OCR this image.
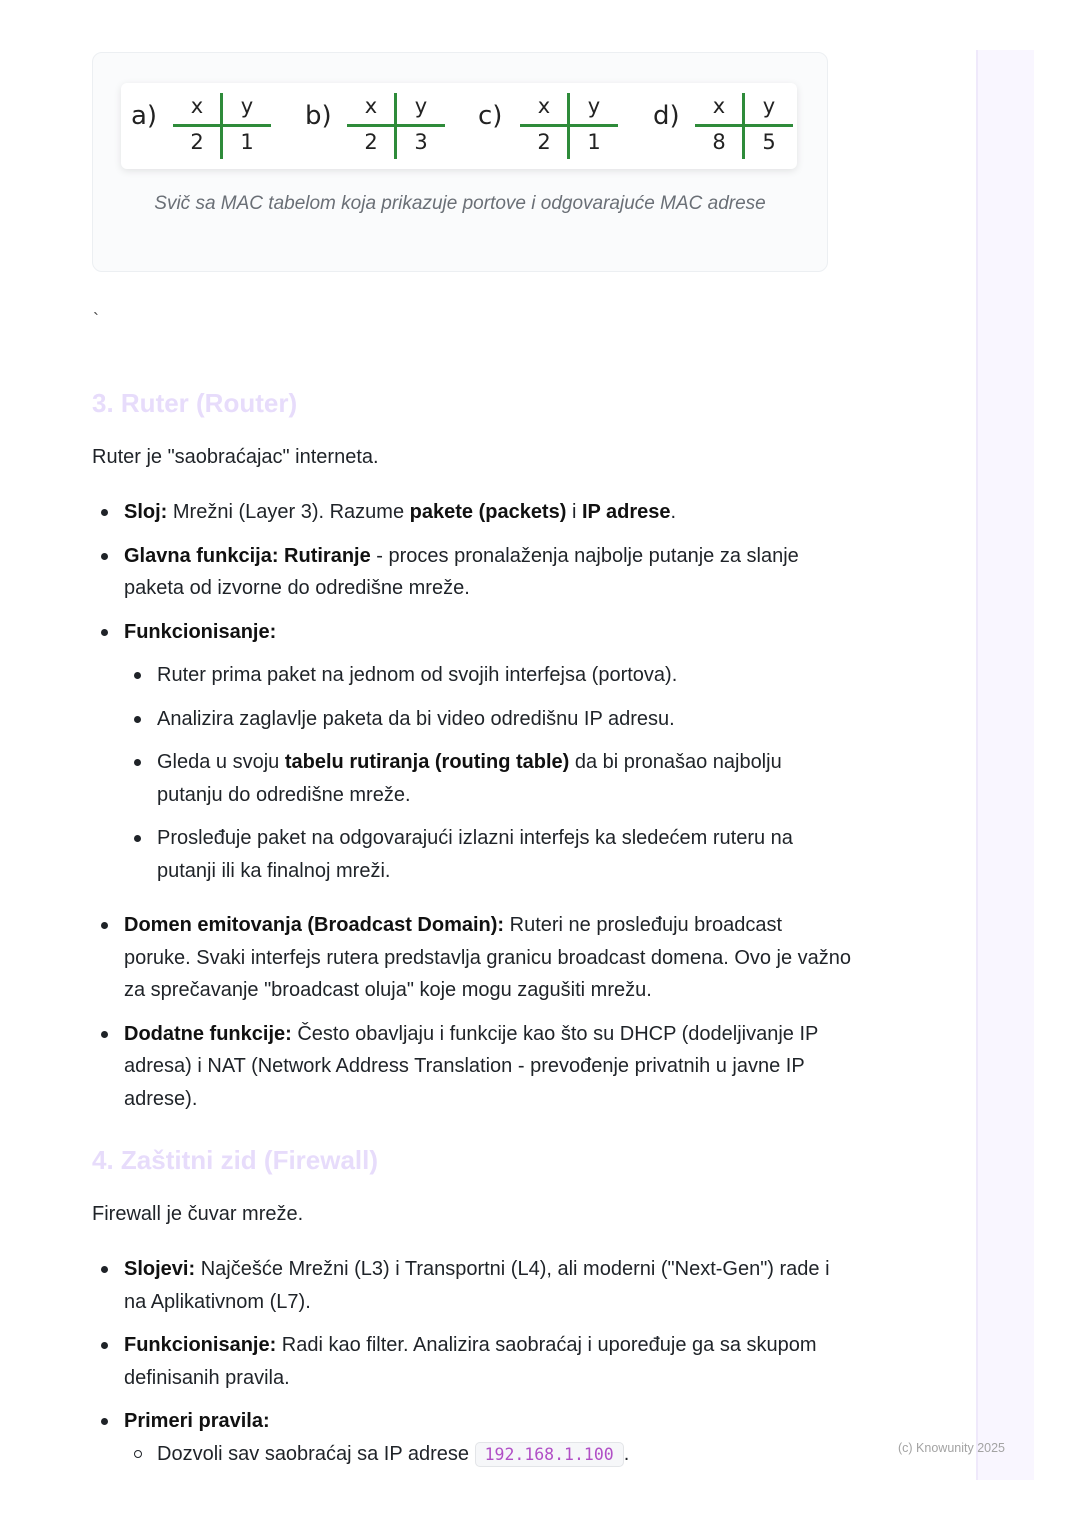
a)	x	y
2	1
b)	x	y
2	3
c)	x	y
2	1
d)	x	y
8	5
Svič sa MAC tabelom koja prikazuje portove i odgovarajuće MAC adrese
`
3. Ruter (Router)

Ruter je "saobraćajac" interneta.

Sloj: Mrežni (Layer 3). Razume pakete (packets) i IP adrese.
Glavna funkcija: Rutiranje - proces pronalaženja najbolje putanje za slanje paketa od izvorne do odredišne mreže.
Funkcionisanje:
Ruter prima paket na jednom od svojih interfejsa (portova).
Analizira zaglavlje paketa da bi video odredišnu IP adresu.
Gleda u svoju tabelu rutiranja (routing table) da bi pronašao najbolju putanju do odredišne mreže.
Prosleđuje paket na odgovarajući izlazni interfejs ka sledećem ruteru na putanji ili ka finalnoj mreži.
Domen emitovanja (Broadcast Domain): Ruteri ne prosleđuju broadcast poruke. Svaki interfejs rutera predstavlja granicu broadcast domena. Ovo je važno za sprečavanje "broadcast oluja" koje mogu zagušiti mrežu.
Dodatne funkcije: Često obavljaju i funkcije kao što su DHCP (dodeljivanje IP adresa) i NAT (Network Address Translation - prevođenje privatnih u javne IP adrese).
4. Zaštitni zid (Firewall)

Firewall je čuvar mreže.

Slojevi: Najčešće Mrežni (L3) i Transportni (L4), ali moderni ("Next-Gen") rade i na Aplikativnom (L7).
Funkcionisanje: Radi kao filter. Analizira saobraćaj i upoređuje ga sa skupom definisanih pravila.
Primeri pravila:
Dozvoli sav saobraćaj sa IP adrese 192.168.1.100 .	(c) Knowunity 2025
